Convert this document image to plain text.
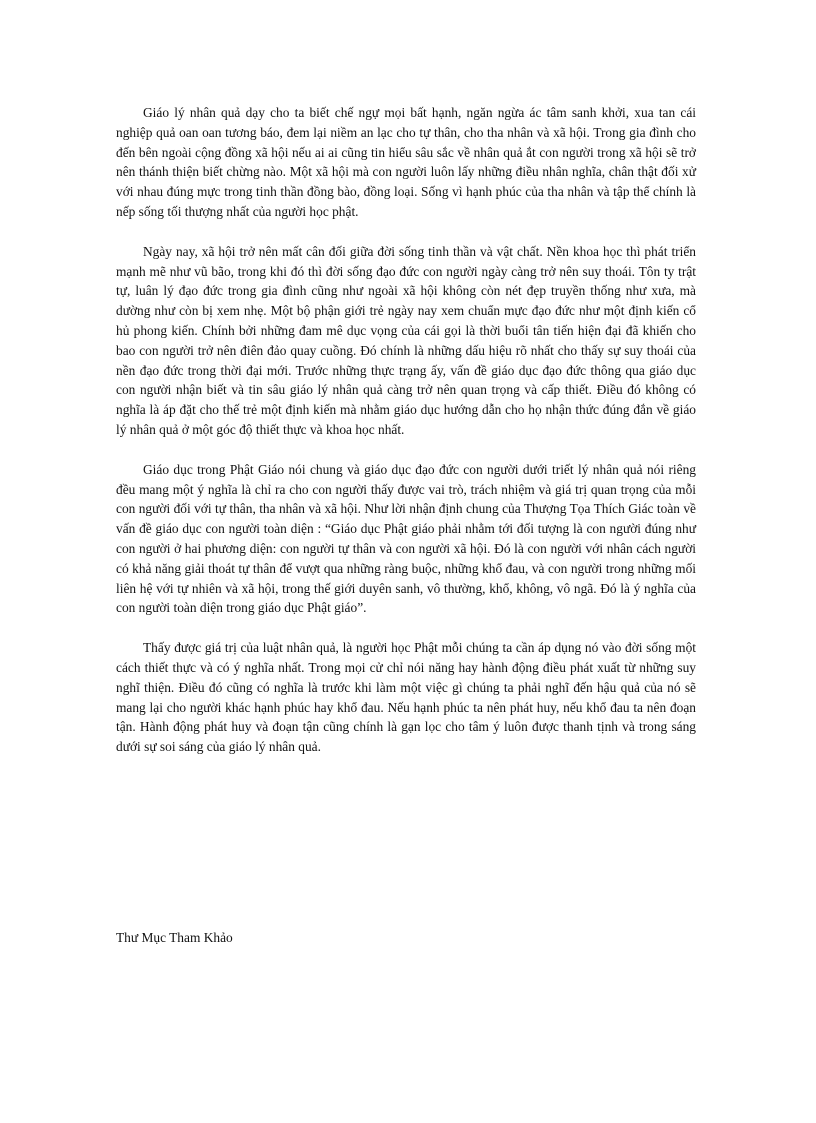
Giáo lý nhân quả dạy cho ta biết chế ngự mọi bất hạnh, ngăn ngừa ác tâm sanh khởi, xua tan cái nghiệp quả oan oan tương báo, đem lại niềm an lạc cho tự thân, cho tha nhân và xã hội. Trong gia đình cho đến bên ngoài cộng đồng xã hội nếu ai ai cũng tin hiểu sâu sắc về nhân quả ắt con người trong xã hội sẽ trở nên thánh thiện biết chừng nào. Một xã hội mà con người luôn lấy những điều nhân nghĩa, chân thật đối xử với nhau đúng mực trong tinh thần đồng bào, đồng loại. Sống vì hạnh phúc của tha nhân và tập thể chính là nếp sống tối thượng nhất của người học phật.

Ngày nay, xã hội trở nên mất cân đối giữa đời sống tinh thần và vật chất. Nền khoa học thì phát triển mạnh mẽ như vũ bão, trong khi đó thì đời sống đạo đức con người ngày càng trở nên suy thoái. Tôn ty trật tự, luân lý đạo đức trong gia đình cũng như ngoài xã hội không còn nét đẹp truyền thống như xưa, mà dường như còn bị xem nhẹ. Một bộ phận giới trẻ ngày nay xem chuẩn mực đạo đức như một định kiến cổ hủ phong kiến. Chính bởi những đam mê dục vọng của cái gọi là thời buổi tân tiến hiện đại đã khiến cho bao con người trở nên điên đảo quay cuồng. Đó chính là những dấu hiệu rõ nhất cho thấy sự suy thoái của nền đạo đức trong thời đại mới. Trước những thực trạng ấy, vấn đề giáo dục đạo đức thông qua giáo dục con người nhận biết và tin sâu giáo lý nhân quả càng trở nên quan trọng và cấp thiết. Điều đó không có nghĩa là áp đặt cho thế trẻ một định kiến mà nhằm giáo dục hướng dẫn cho họ nhận thức đúng đắn về giáo lý nhân quả ở một góc độ thiết thực và khoa học nhất.

Giáo dục trong Phật Giáo nói chung và giáo dục đạo đức con người dưới triết lý nhân quả nói riêng đều mang một ý nghĩa là chỉ ra cho con người thấy được vai trò, trách nhiệm và giá trị quan trọng của mỗi con người đối với tự thân, tha nhân và xã hội. Như lời nhận định chung của Thượng Tọa Thích Giác toàn về vấn đề giáo dục con người toàn diện : “Giáo dục Phật giáo phải nhằm tới đối tượng là con người đúng như con người ở hai phương diện: con người tự thân và con người xã hội. Đó là con người với nhân cách người có khả năng giải thoát tự thân để vượt qua những ràng buộc, những khổ đau, và con người trong những mối liên hệ với tự nhiên và xã hội, trong thế giới duyên sanh, vô thường, khổ, không, vô ngã. Đó là ý nghĩa của con người toàn diện trong giáo dục Phật giáo”.

Thấy được giá trị của luật nhân quả, là người học Phật mỗi chúng ta cần áp dụng nó vào đời sống một cách thiết thực và có ý nghĩa nhất. Trong mọi cử chỉ nói năng hay hành động điều phát xuất từ những suy nghĩ thiện. Điều đó cũng có nghĩa là trước khi làm một việc gì chúng ta phải nghĩ đến hậu quả của nó sẽ mang lại cho người khác hạnh phúc hay khổ đau. Nếu hạnh phúc ta nên phát huy, nếu khổ đau ta nên đoạn tận. Hành động phát huy và đoạn tận cũng chính là gạn lọc cho tâm ý luôn được thanh tịnh và trong sáng dưới sự soi sáng của giáo lý nhân quả.

Thư Mục Tham Khảo
